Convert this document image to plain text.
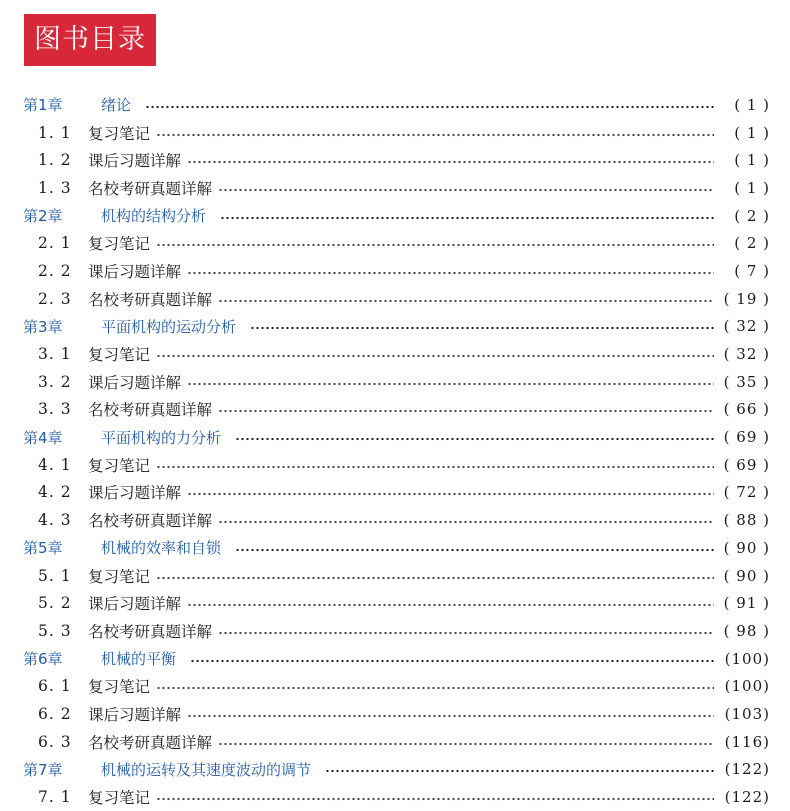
图书目录
第1章	绪论	( 1 )
1. 1	复习笔记	( 1 )
1. 2	课后习题详解	( 1 )
1. 3	名校考研真题详解	( 1 )
第2章	机构的结构分析	( 2 )
2. 1	复习笔记	( 2 )
2. 2	课后习题详解	( 7 )
2. 3	名校考研真题详解	( 19 )
第3章	平面机构的运动分析	( 32 )
3. 1	复习笔记	( 32 )
3. 2	课后习题详解	( 35 )
3. 3	名校考研真题详解	( 66 )
第4章	平面机构的力分析	( 69 )
4. 1	复习笔记	( 69 )
4. 2	课后习题详解	( 72 )
4. 3	名校考研真题详解	( 88 )
第5章	机械的效率和自锁	( 90 )
5. 1	复习笔记	( 90 )
5. 2	课后习题详解	( 91 )
5. 3	名校考研真题详解	( 98 )
第6章	机械的平衡	(100)
6. 1	复习笔记	(100)
6. 2	课后习题详解	(103)
6. 3	名校考研真题详解	(116)
第7章	机械的运转及其速度波动的调节	(122)
7. 1	复习笔记	(122)
